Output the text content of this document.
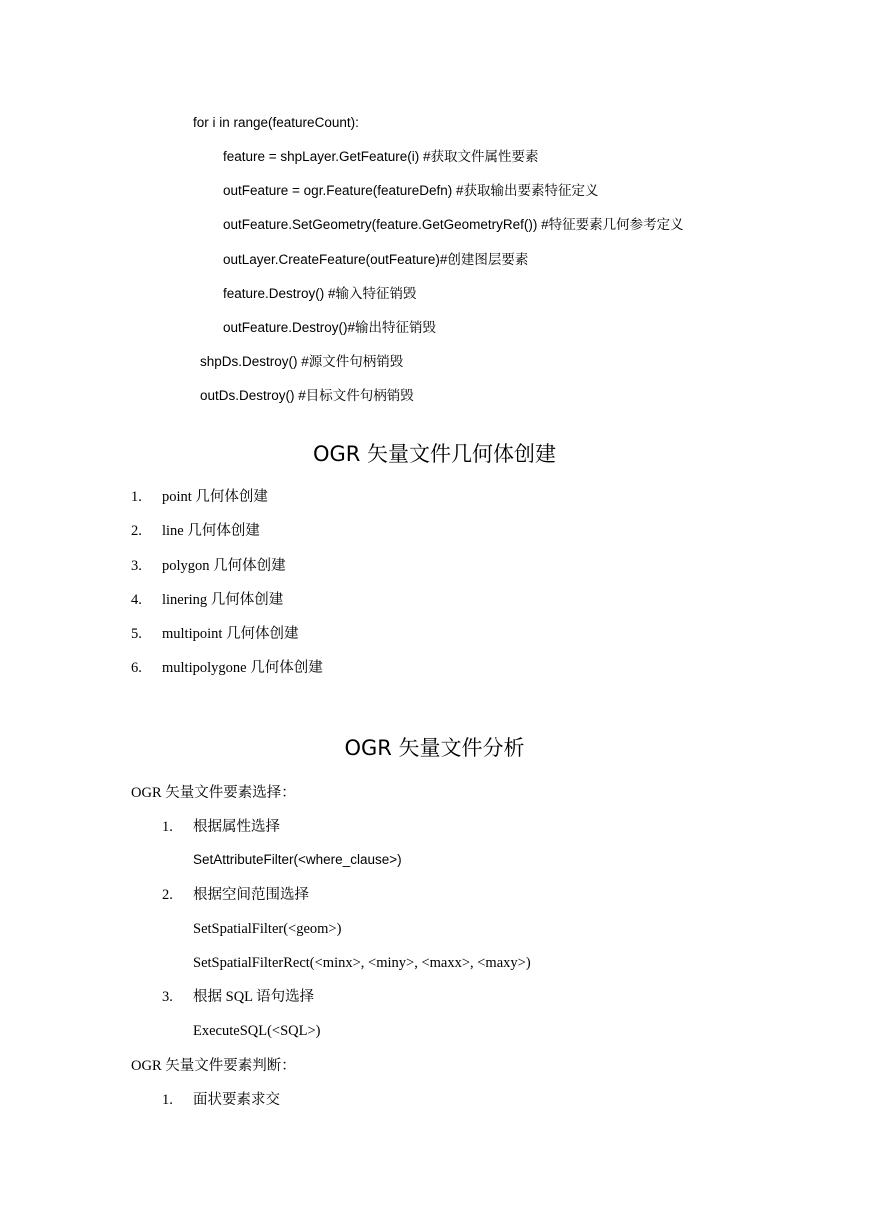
for i in range(featureCount):
feature = shpLayer.GetFeature(i) #获取文件属性要素
outFeature = ogr.Feature(featureDefn) #获取输出要素特征定义
outFeature.SetGeometry(feature.GetGeometryRef()) #特征要素几何参考定义
outLayer.CreateFeature(outFeature)#创建图层要素
feature.Destroy() #输入特征销毁
outFeature.Destroy()#输出特征销毁
shpDs.Destroy() #源文件句柄销毁
outDs.Destroy() #目标文件句柄销毁
OGR 矢量文件几何体创建
1. point 几何体创建
2. line 几何体创建
3. polygon 几何体创建
4. linering 几何体创建
5. multipoint 几何体创建
6. multipolygone 几何体创建
OGR 矢量文件分析
OGR 矢量文件要素选择：
1. 根据属性选择
SetAttributeFilter(<where_clause>)
2. 根据空间范围选择
SetSpatialFilter(<geom>)
SetSpatialFilterRect(<minx>, <miny>, <maxx>, <maxy>)
3. 根据 SQL 语句选择
ExecuteSQL(<SQL>)
OGR 矢量文件要素判断：
1. 面状要素求交
